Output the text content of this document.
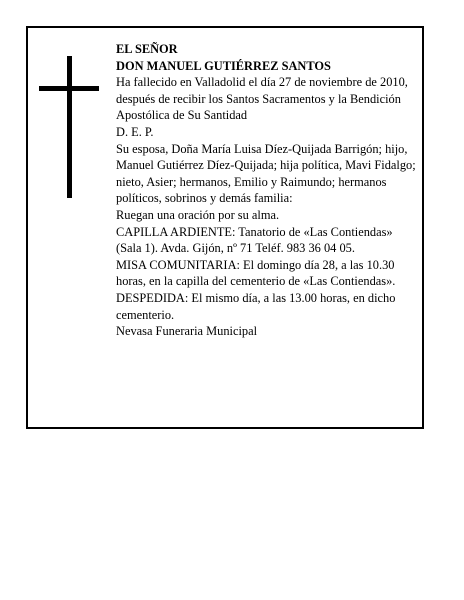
EL SEÑOR

DON MANUEL GUTIÉRREZ SANTOS

Ha fallecido en Valladolid el día 27 de noviembre de 2010, después de recibir los Santos Sacramentos y la Bendición Apostólica de Su Santidad

D. E. P.

Su esposa, Doña María Luisa Díez-Quijada Barrigón; hijo, Manuel Gutiérrez Díez-Quijada; hija política, Mavi Fidalgo; nieto, Asier; hermanos, Emilio y Raimundo; hermanos políticos, sobrinos y demás familia:

Ruegan una oración por su alma.

CAPILLA ARDIENTE: Tanatorio de «Las Contiendas» (Sala 1). Avda. Gijón, nº 71 Teléf. 983 36 04 05.

MISA COMUNITARIA: El domingo día 28, a las 10.30 horas, en la capilla del cementerio de «Las Contiendas».

DESPEDIDA: El mismo día, a las 13.00 horas, en dicho cementerio.

Nevasa Funeraria Municipal
